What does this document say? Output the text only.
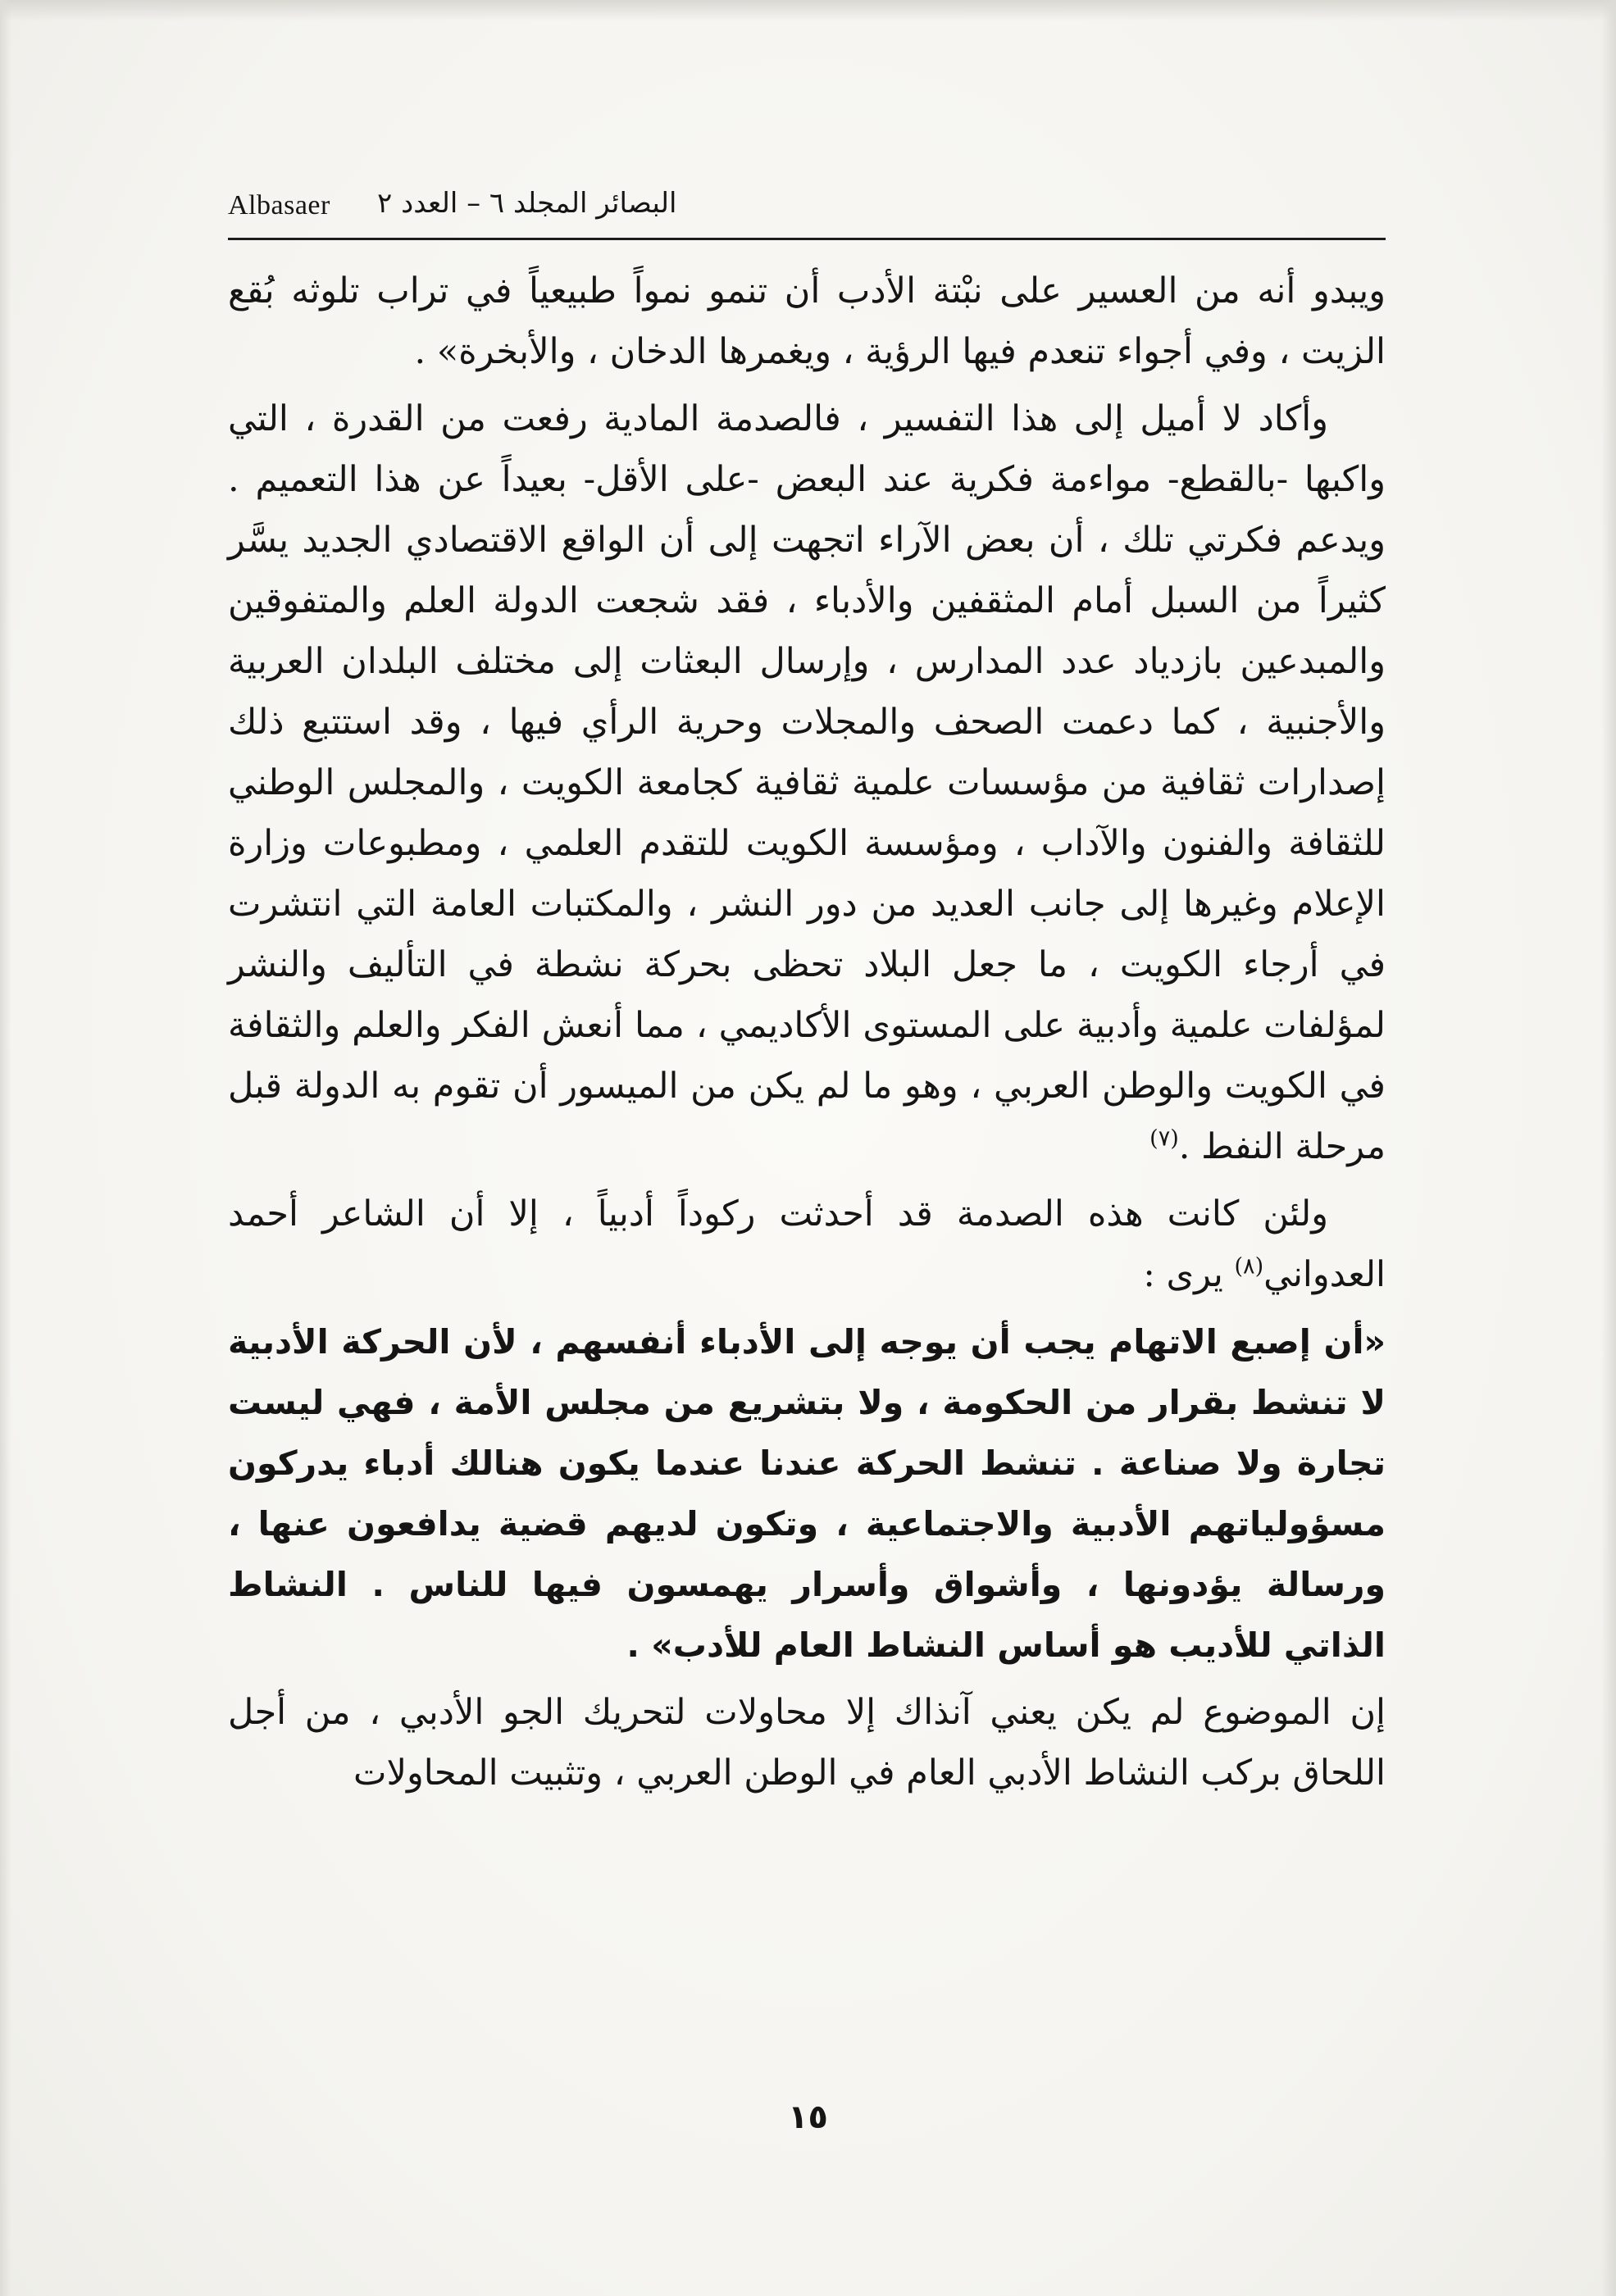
Albasaer البصائر المجلد ٦ – العدد ٢

ويبدو أنه من العسير على نبْتة الأدب أن تنمو نمواً طبيعياً في تراب تلوثه بُقع الزيت ، وفي أجواء تنعدم فيها الرؤية ، ويغمرها الدخان ، والأبخرة» .

وأكاد لا أميل إلى هذا التفسير ، فالصدمة المادية رفعت من القدرة ، التي واكبها -بالقطع- مواءمة فكرية عند البعض -على الأقل- بعيداً عن هذا التعميم . ويدعم فكرتي تلك ، أن بعض الآراء اتجهت إلى أن الواقع الاقتصادي الجديد يسَّر كثيراً من السبل أمام المثقفين والأدباء ، فقد شجعت الدولة العلم والمتفوقين والمبدعين بازدياد عدد المدارس ، وإرسال البعثات إلى مختلف البلدان العربية والأجنبية ، كما دعمت الصحف والمجلات وحرية الرأي فيها ، وقد استتبع ذلك إصدارات ثقافية من مؤسسات علمية ثقافية كجامعة الكويت ، والمجلس الوطني للثقافة والفنون والآداب ، ومؤسسة الكويت للتقدم العلمي ، ومطبوعات وزارة الإعلام وغيرها إلى جانب العديد من دور النشر ، والمكتبات العامة التي انتشرت في أرجاء الكويت ، ما جعل البلاد تحظى بحركة نشطة في التأليف والنشر لمؤلفات علمية وأدبية على المستوى الأكاديمي ، مما أنعش الفكر والعلم والثقافة في الكويت والوطن العربي ، وهو ما لم يكن من الميسور أن تقوم به الدولة قبل مرحلة النفط .$^{(٧)}$

ولئن كانت هذه الصدمة قد أحدثت ركوداً أدبياً ، إلا أن الشاعر أحمد العدواني$^{(٨)}$ يرى :

«أن إصبع الاتهام يجب أن يوجه إلى الأدباء أنفسهم ، لأن الحركة الأدبية لا تنشط بقرار من الحكومة ، ولا بتشريع من مجلس الأمة ، فهي ليست تجارة ولا صناعة . تنشط الحركة عندنا عندما يكون هنالك أدباء يدركون مسؤولياتهم الأدبية والاجتماعية ، وتكون لديهم قضية يدافعون عنها ، ورسالة يؤدونها ، وأشواق وأسرار يهمسون فيها للناس . النشاط الذاتي للأديب هو أساس النشاط العام للأدب» .

إن الموضوع لم يكن يعني آنذاك إلا محاولات لتحريك الجو الأدبي ، من أجل اللحاق بركب النشاط الأدبي العام في الوطن العربي ، وتثبيت المحاولات

١٥
